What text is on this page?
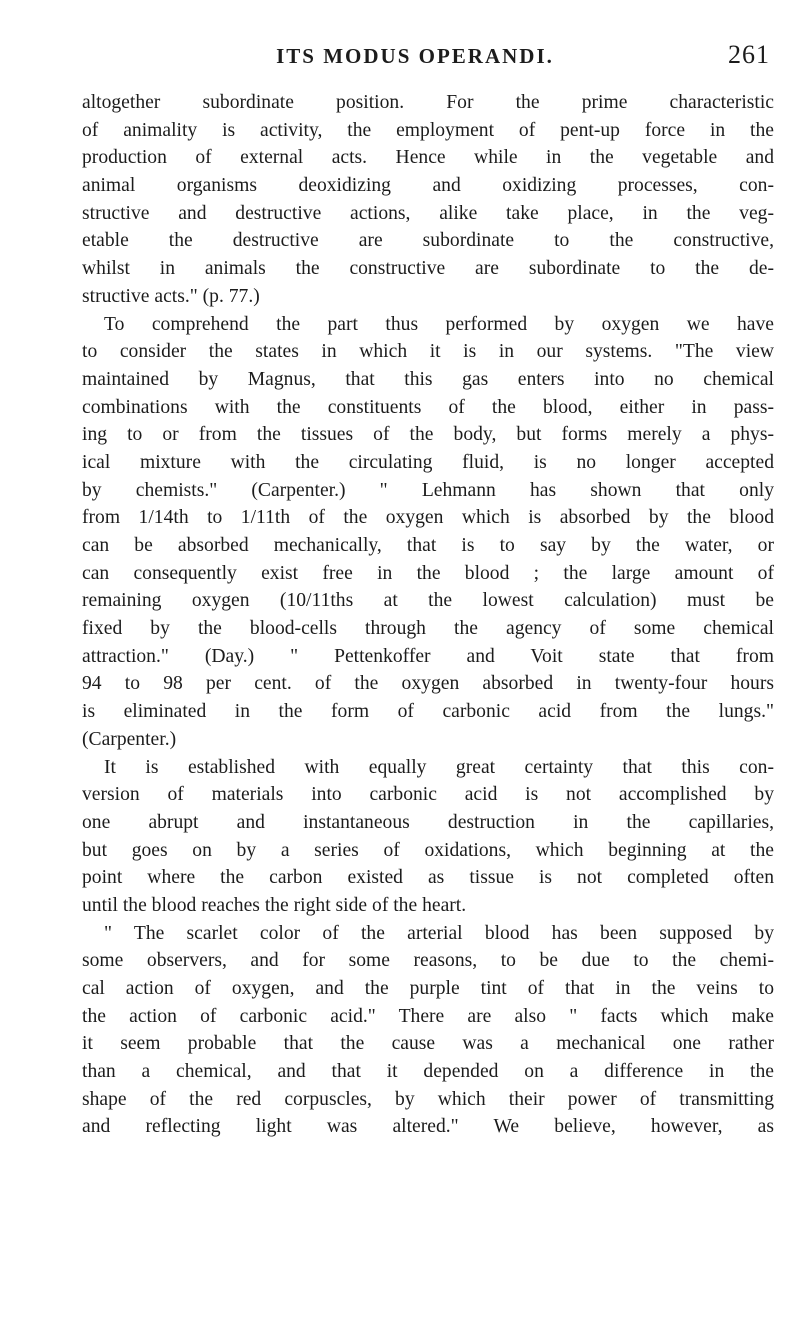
ITS MODUS OPERANDI.	261
altogether subordinate position. For the prime characteristic
of animality is activity, the employment of pent-up force in the
production of external acts. Hence while in the vegetable and
animal organisms deoxidizing and oxidizing processes, con-
structive and destructive actions, alike take place, in the veg-
etable the destructive are subordinate to the constructive,
whilst in animals the constructive are subordinate to the de-
structive acts." (p. 77.)
To comprehend the part thus performed by oxygen we have
to consider the states in which it is in our systems. "The view
maintained by Magnus, that this gas enters into no chemical
combinations with the constituents of the blood, either in pass-
ing to or from the tissues of the body, but forms merely a phys-
ical mixture with the circulating fluid, is no longer accepted
by chemists." (Carpenter.) " Lehmann has shown that only
from 1/14th to 1/11th of the oxygen which is absorbed by the blood
can be absorbed mechanically, that is to say by the water, or
can consequently exist free in the blood ; the large amount of
remaining oxygen (10/11ths at the lowest calculation) must be
fixed by the blood-cells through the agency of some chemical
attraction." (Day.) " Pettenkoffer and Voit state that from
94 to 98 per cent. of the oxygen absorbed in twenty-four hours
is eliminated in the form of carbonic acid from the lungs."
(Carpenter.)
It is established with equally great certainty that this con-
version of materials into carbonic acid is not accomplished by
one abrupt and instantaneous destruction in the capillaries,
but goes on by a series of oxidations, which beginning at the
point where the carbon existed as tissue is not completed often
until the blood reaches the right side of the heart.
" The scarlet color of the arterial blood has been supposed by
some observers, and for some reasons, to be due to the chemi-
cal action of oxygen, and the purple tint of that in the veins to
the action of carbonic acid." There are also " facts which make
it seem probable that the cause was a mechanical one rather
than a chemical, and that it depended on a difference in the
shape of the red corpuscles, by which their power of transmitting
and reflecting light was altered." We believe, however, as
